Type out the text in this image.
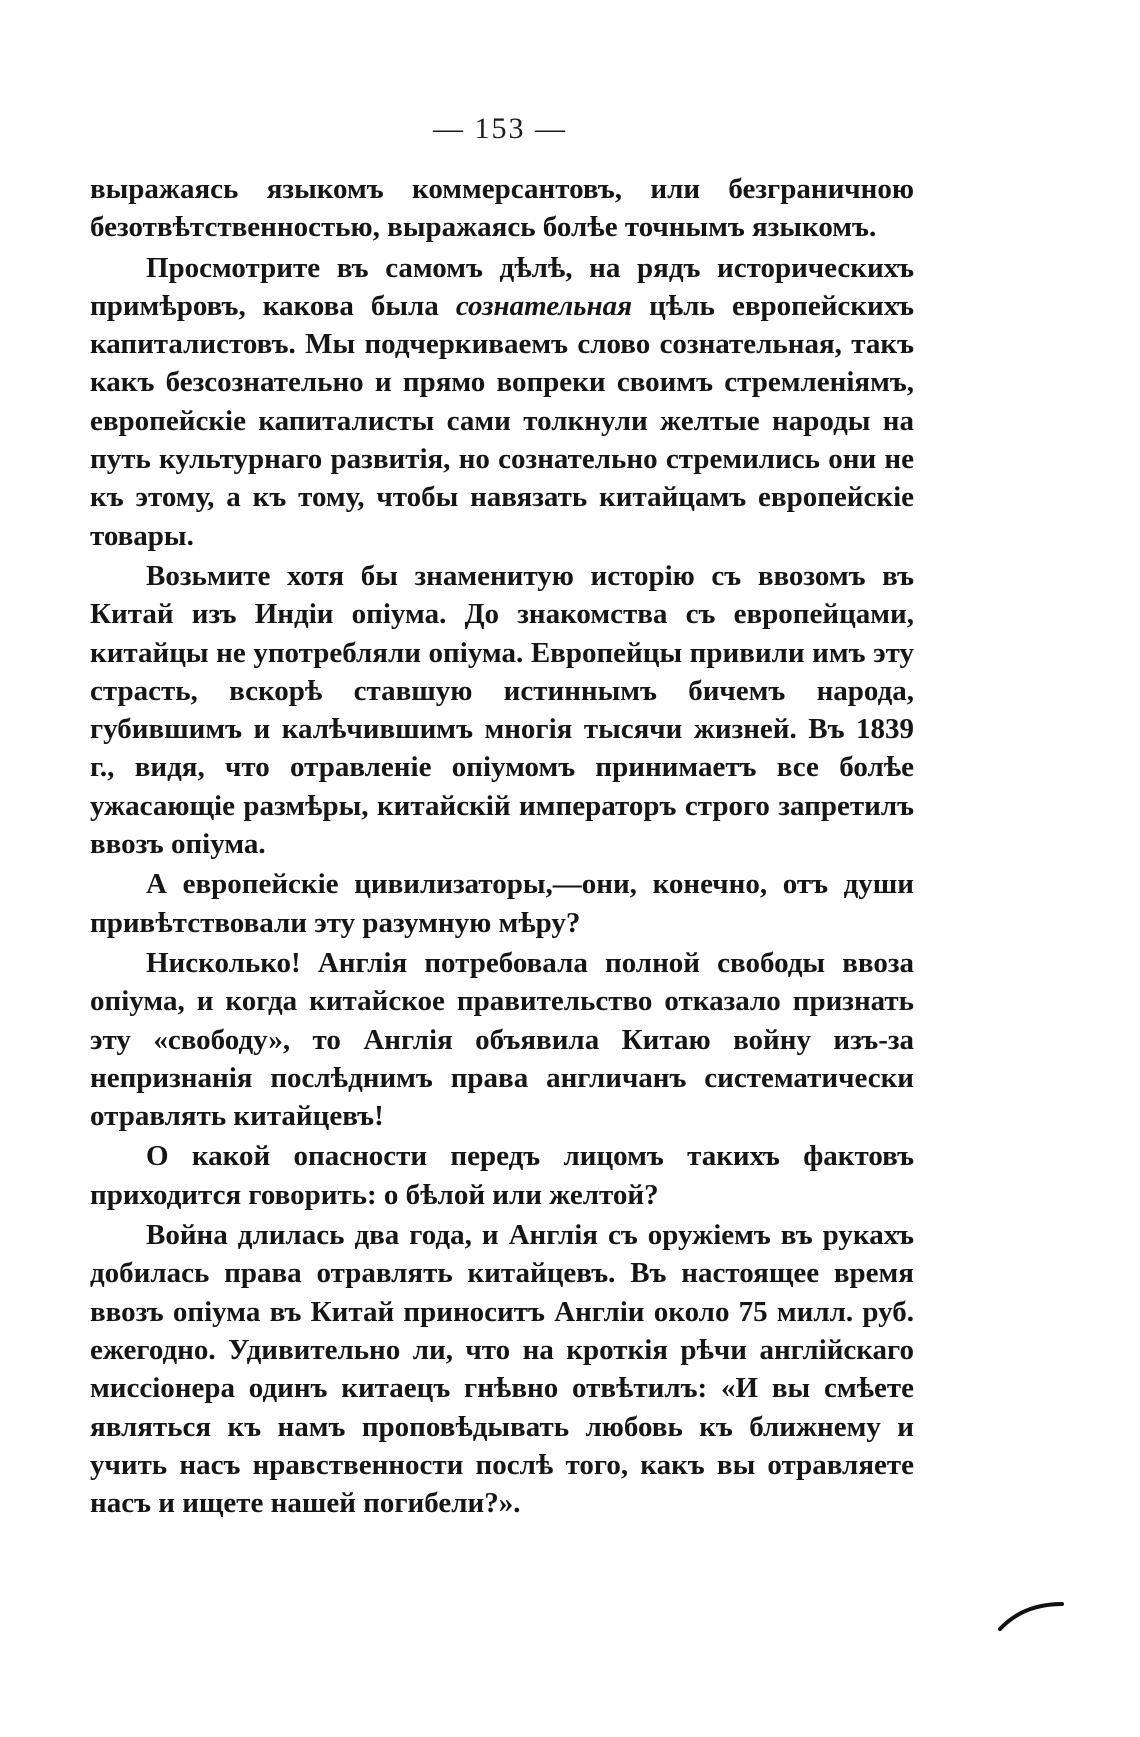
— 153 —

выражаясь языкомъ коммерсантовъ, или безграничною безотвѣтственностью, выражаясь болѣе точнымъ языкомъ.

Просмотрите въ самомъ дѣлѣ, на рядъ историческихъ примѣровъ, какова была сознательная цѣль европейскихъ капиталистовъ. Мы подчеркиваемъ слово сознательная, такъ какъ безсознательно и прямо вопреки своимъ стремленіямъ, европейскіе капиталисты сами толкнули желтые народы на путь культурнаго развитія, но сознательно стремились они не къ этому, а къ тому, чтобы навязать китайцамъ европейскіе товары.

Возьмите хотя бы знаменитую исторію съ ввозомъ въ Китай изъ Индіи опіума. До знакомства съ европейцами, китайцы не употребляли опіума. Европейцы привили имъ эту страсть, вскорѣ ставшую истиннымъ бичемъ народа, губившимъ и калѣчившимъ многія тысячи жизней. Въ 1839 г., видя, что отравленіе опіумомъ принимаетъ все болѣе ужасающіе размѣры, китайскій императоръ строго запретилъ ввозъ опіума.

А европейскіе цивилизаторы,—они, конечно, отъ души привѣтствовали эту разумную мѣру?

Нисколько! Англія потребовала полной свободы ввоза опіума, и когда китайское правительство отказало признать эту «свободу», то Англія объявила Китаю войну изъ-за непризнанія послѣднимъ права англичанъ систематически отравлять китайцевъ!

О какой опасности передъ лицомъ такихъ фактовъ приходится говорить: о бѣлой или желтой?

Война длилась два года, и Англія съ оружіемъ въ рукахъ добилась права отравлять китайцевъ. Въ настоящее время ввозъ опіума въ Китай приноситъ Англіи около 75 милл. руб. ежегодно. Удивительно ли, что на кроткія рѣчи англійскаго миссіонера одинъ китаецъ гнѣвно отвѣтилъ: «И вы смѣете являться къ намъ проповѣдывать любовь къ ближнему и учить насъ нравственности послѣ того, какъ вы отравляете насъ и ищете нашей погибели?».
